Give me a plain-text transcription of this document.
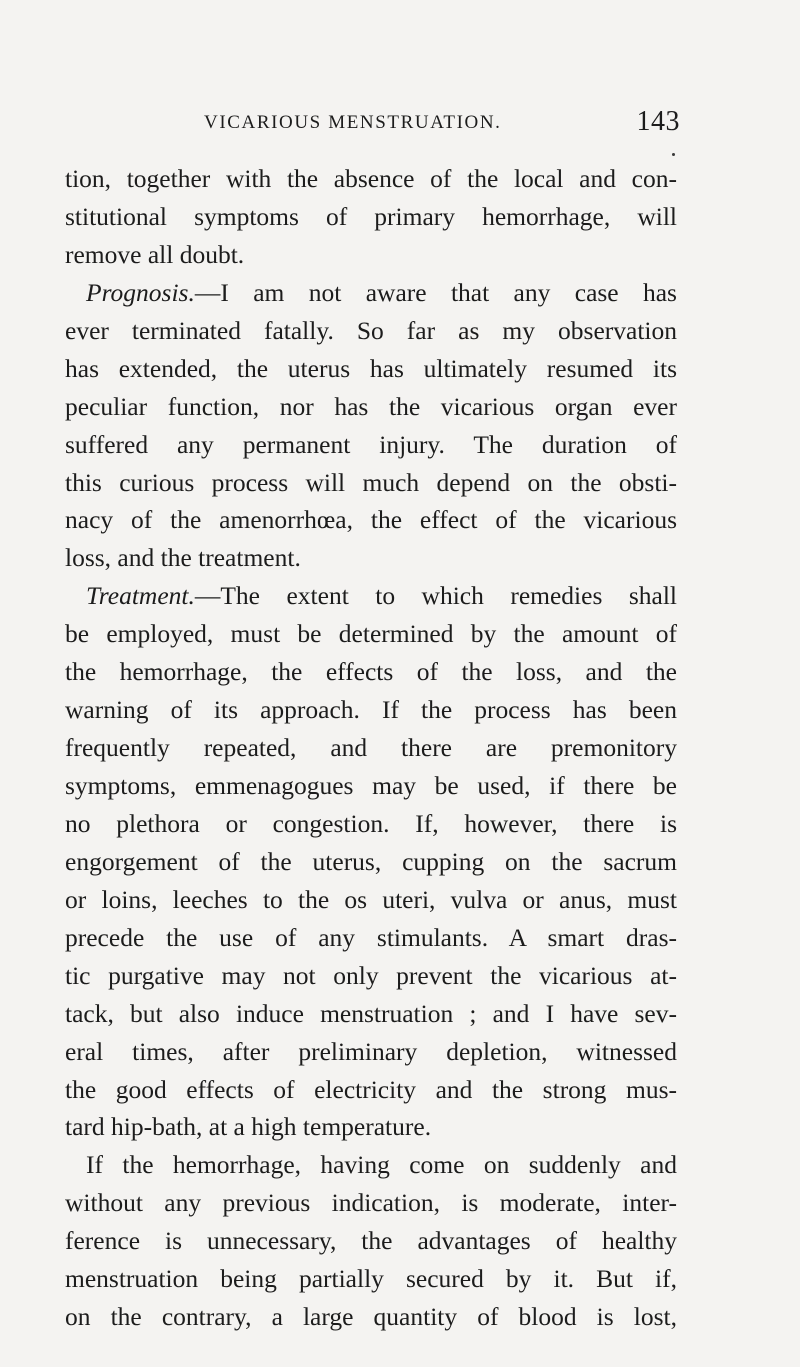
VICARIOUS MENSTRUATION.	143
tion, together with the absence of the local and con-
stitutional symptoms of primary hemorrhage, will
remove all doubt.
Prognosis.—I am not aware that any case has
ever terminated fatally. So far as my observation
has extended, the uterus has ultimately resumed its
peculiar function, nor has the vicarious organ ever
suffered any permanent injury. The duration of
this curious process will much depend on the obsti-
nacy of the amenorrhœa, the effect of the vicarious
loss, and the treatment.
Treatment.—The extent to which remedies shall
be employed, must be determined by the amount of
the hemorrhage, the effects of the loss, and the
warning of its approach. If the process has been
frequently repeated, and there are premonitory
symptoms, emmenagogues may be used, if there be
no plethora or congestion. If, however, there is
engorgement of the uterus, cupping on the sacrum
or loins, leeches to the os uteri, vulva or anus, must
precede the use of any stimulants. A smart dras-
tic purgative may not only prevent the vicarious at-
tack, but also induce menstruation ; and I have sev-
eral times, after preliminary depletion, witnessed
the good effects of electricity and the strong mus-
tard hip-bath, at a high temperature.
If the hemorrhage, having come on suddenly and
without any previous indication, is moderate, inter-
ference is unnecessary, the advantages of healthy
menstruation being partially secured by it. But if,
on the contrary, a large quantity of blood is lost,
